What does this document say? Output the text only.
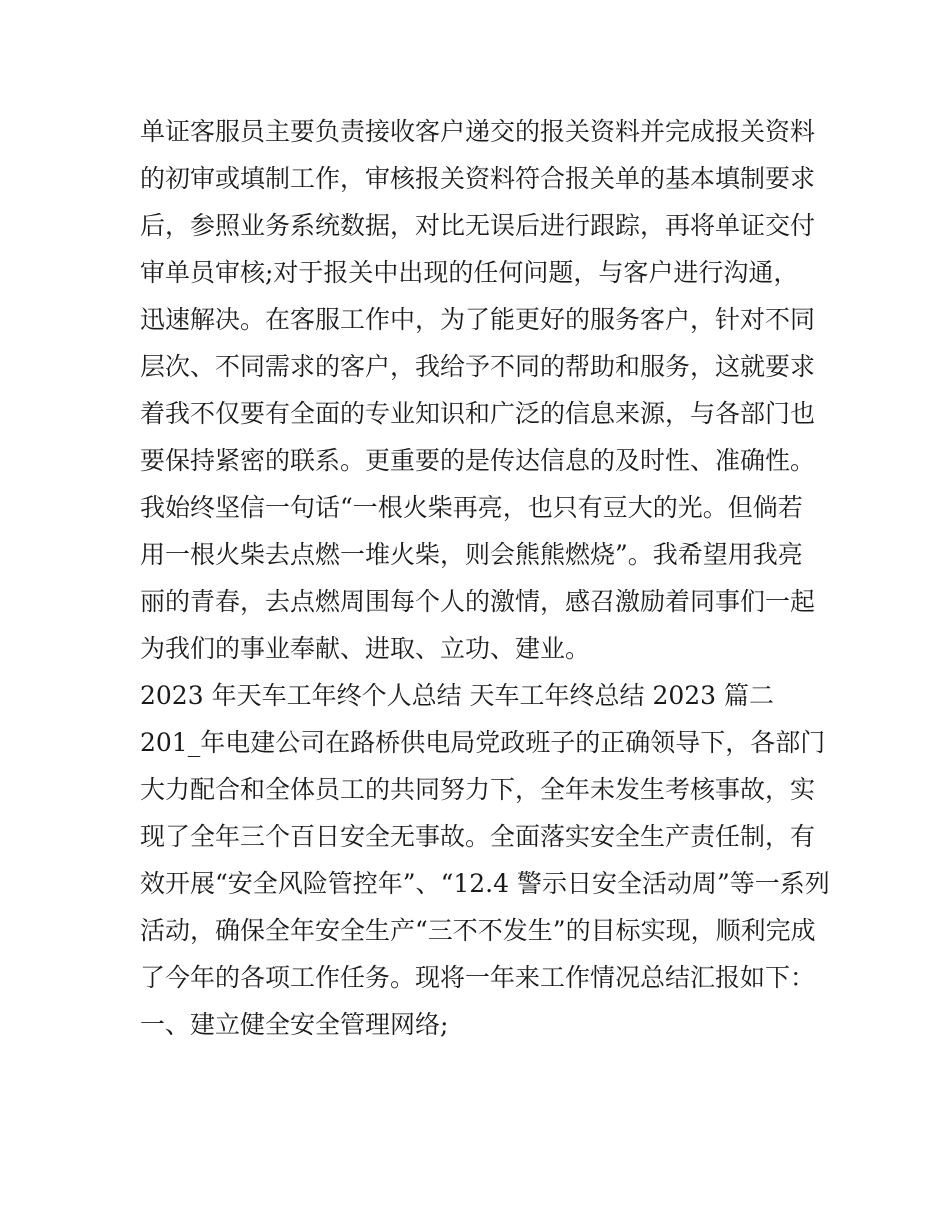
单证客服员主要负责接收客户递交的报关资料并完成报关资料

的初审或填制工作，审核报关资料符合报关单的基本填制要求

后，参照业务系统数据，对比无误后进行跟踪，再将单证交付

审单员审核;对于报关中出现的任何问题，与客户进行沟通，

迅速解决。在客服工作中，为了能更好的服务客户，针对不同

层次、不同需求的客户，我给予不同的帮助和服务，这就要求

着我不仅要有全面的专业知识和广泛的信息来源，与各部门也

要保持紧密的联系。更重要的是传达信息的及时性、准确性。

我始终坚信一句话“一根火柴再亮，也只有豆大的光。但倘若

用一根火柴去点燃一堆火柴，则会熊熊燃烧”。我希望用我亮

丽的青春，去点燃周围每个人的激情，感召激励着同事们一起

为我们的事业奉献、进取、立功、建业。

2023 年天车工年终个人总结 天车工年终总结 2023 篇二

201_年电建公司在路桥供电局党政班子的正确领导下，各部门

大力配合和全体员工的共同努力下，全年未发生考核事故，实

现了全年三个百日安全无事故。全面落实安全生产责任制，有

效开展“安全风险管控年”、“12.4 警示日安全活动周”等一系列

活动，确保全年安全生产“三不不发生”的目标实现，顺利完成

了今年的各项工作任务。现将一年来工作情况总结汇报如下：

一、建立健全安全管理网络;
